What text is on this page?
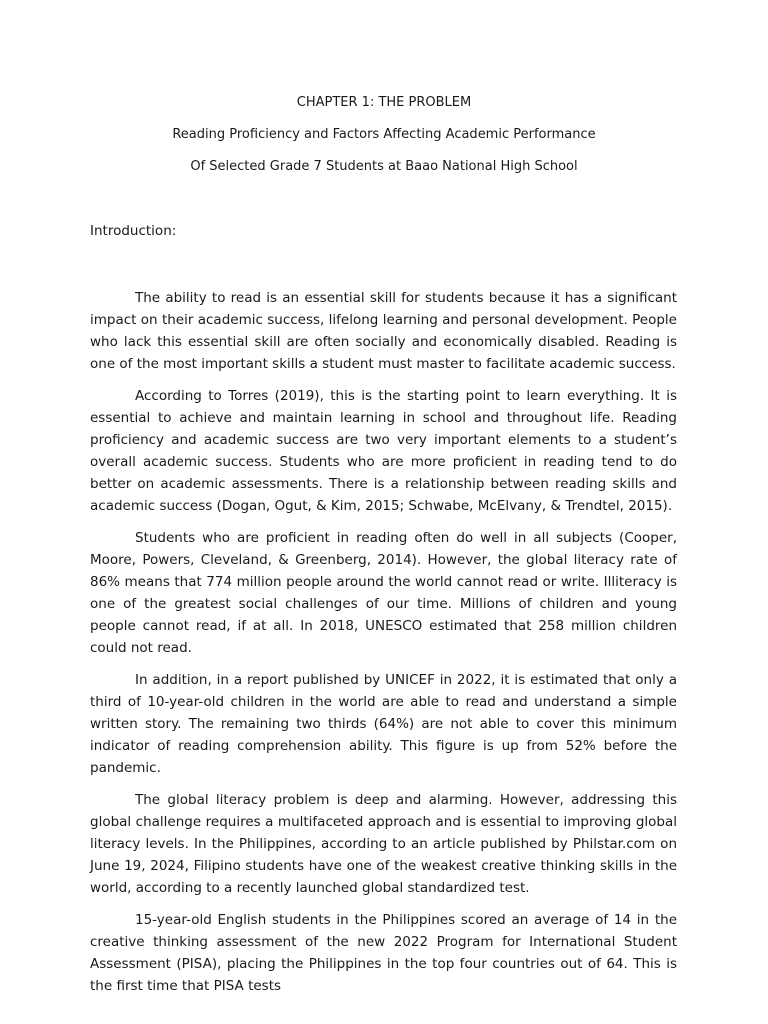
CHAPTER 1: THE PROBLEM

Reading Proficiency and Factors Affecting Academic Performance

Of Selected Grade 7 Students at Baao National High School

Introduction:

The ability to read is an essential skill for students because it has a significant impact on their academic success, lifelong learning and personal development. People who lack this essential skill are often socially and economically disabled. Reading is one of the most important skills a student must master to facilitate academic success.

According to Torres (2019), this is the starting point to learn everything. It is essential to achieve and maintain learning in school and throughout life. Reading proficiency and academic success are two very important elements to a student’s overall academic success. Students who are more proficient in reading tend to do better on academic assessments. There is a relationship between reading skills and academic success (Dogan, Ogut, & Kim, 2015; Schwabe, McElvany, & Trendtel, 2015).

Students who are proficient in reading often do well in all subjects (Cooper, Moore, Powers, Cleveland, & Greenberg, 2014). However, the global literacy rate of 86% means that 774 million people around the world cannot read or write. Illiteracy is one of the greatest social challenges of our time. Millions of children and young people cannot read, if at all. In 2018, UNESCO estimated that 258 million children could not read.

In addition, in a report published by UNICEF in 2022, it is estimated that only a third of 10-year-old children in the world are able to read and understand a simple written story. The remaining two thirds (64%) are not able to cover this minimum indicator of reading comprehension ability. This figure is up from 52% before the pandemic.

The global literacy problem is deep and alarming. However, addressing this global challenge requires a multifaceted approach and is essential to improving global literacy levels. In the Philippines, according to an article published by Philstar.com on June 19, 2024, Filipino students have one of the weakest creative thinking skills in the world, according to a recently launched global standardized test.

15-year-old English students in the Philippines scored an average of 14 in the creative thinking assessment of the new 2022 Program for International Student Assessment (PISA), placing the Philippines in the top four countries out of 64. This is the first time that PISA tests
